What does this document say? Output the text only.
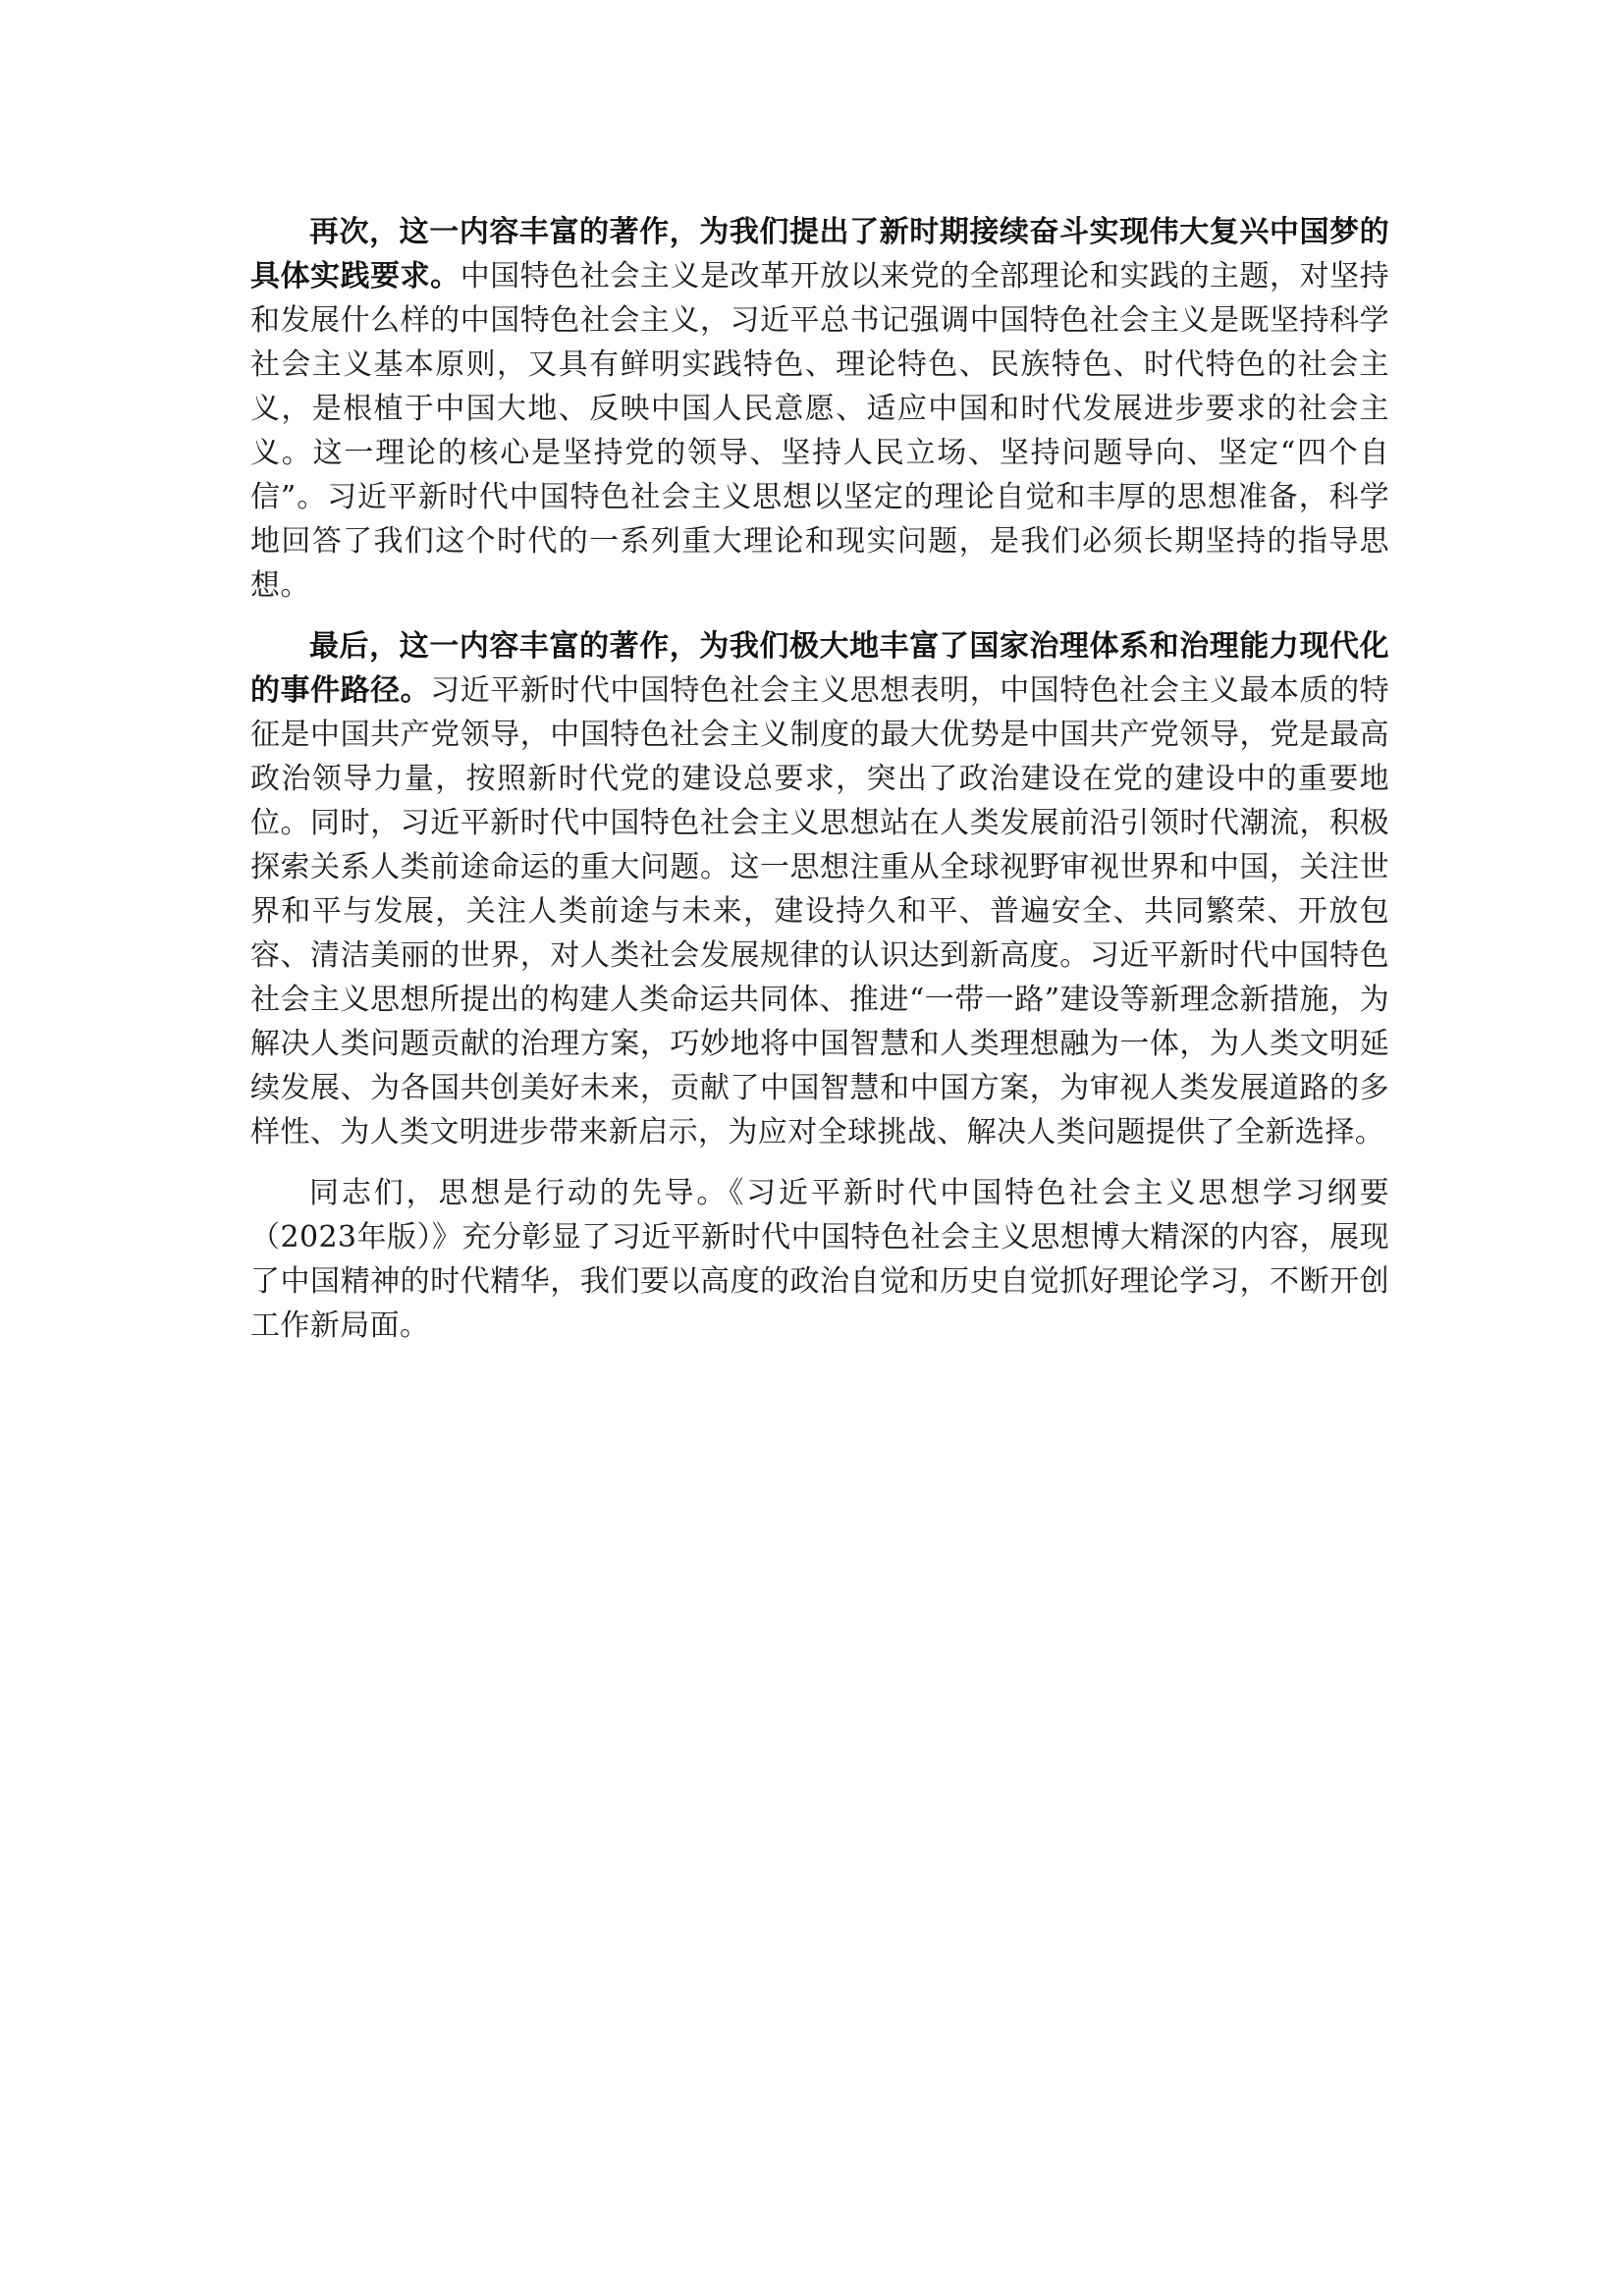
再次，这一内容丰富的著作，为我们提出了新时期接续奋斗实现伟大复兴中国梦的具体实践要求。中国特色社会主义是改革开放以来党的全部理论和实践的主题，对坚持和发展什么样的中国特色社会主义，习近平总书记强调中国特色社会主义是既坚持科学社会主义基本原则，又具有鲜明实践特色、理论特色、民族特色、时代特色的社会主义，是根植于中国大地、反映中国人民意愿、适应中国和时代发展进步要求的社会主义。这一理论的核心是坚持党的领导、坚持人民立场、坚持问题导向、坚定“四个自信”。习近平新时代中国特色社会主义思想以坚定的理论自觉和丰厚的思想准备，科学地回答了我们这个时代的一系列重大理论和现实问题，是我们必须长期坚持的指导思想。

最后，这一内容丰富的著作，为我们极大地丰富了国家治理体系和治理能力现代化的事件路径。习近平新时代中国特色社会主义思想表明，中国特色社会主义最本质的特征是中国共产党领导，中国特色社会主义制度的最大优势是中国共产党领导，党是最高政治领导力量，按照新时代党的建设总要求，突出了政治建设在党的建设中的重要地位。同时，习近平新时代中国特色社会主义思想站在人类发展前沿引领时代潮流，积极探索关系人类前途命运的重大问题。这一思想注重从全球视野审视世界和中国，关注世界和平与发展，关注人类前途与未来，建设持久和平、普遍安全、共同繁荣、开放包容、清洁美丽的世界，对人类社会发展规律的认识达到新高度。习近平新时代中国特色社会主义思想所提出的构建人类命运共同体、推进“一带一路”建设等新理念新措施，为解决人类问题贡献的治理方案，巧妙地将中国智慧和人类理想融为一体，为人类文明延续发展、为各国共创美好未来，贡献了中国智慧和中国方案，为审视人类发展道路的多样性、为人类文明进步带来新启示，为应对全球挑战、解决人类问题提供了全新选择。

同志们，思想是行动的先导。《习近平新时代中国特色社会主义思想学习纲要（2023年版）》充分彰显了习近平新时代中国特色社会主义思想博大精深的内容，展现了中国精神的时代精华，我们要以高度的政治自觉和历史自觉抓好理论学习，不断开创工作新局面。
